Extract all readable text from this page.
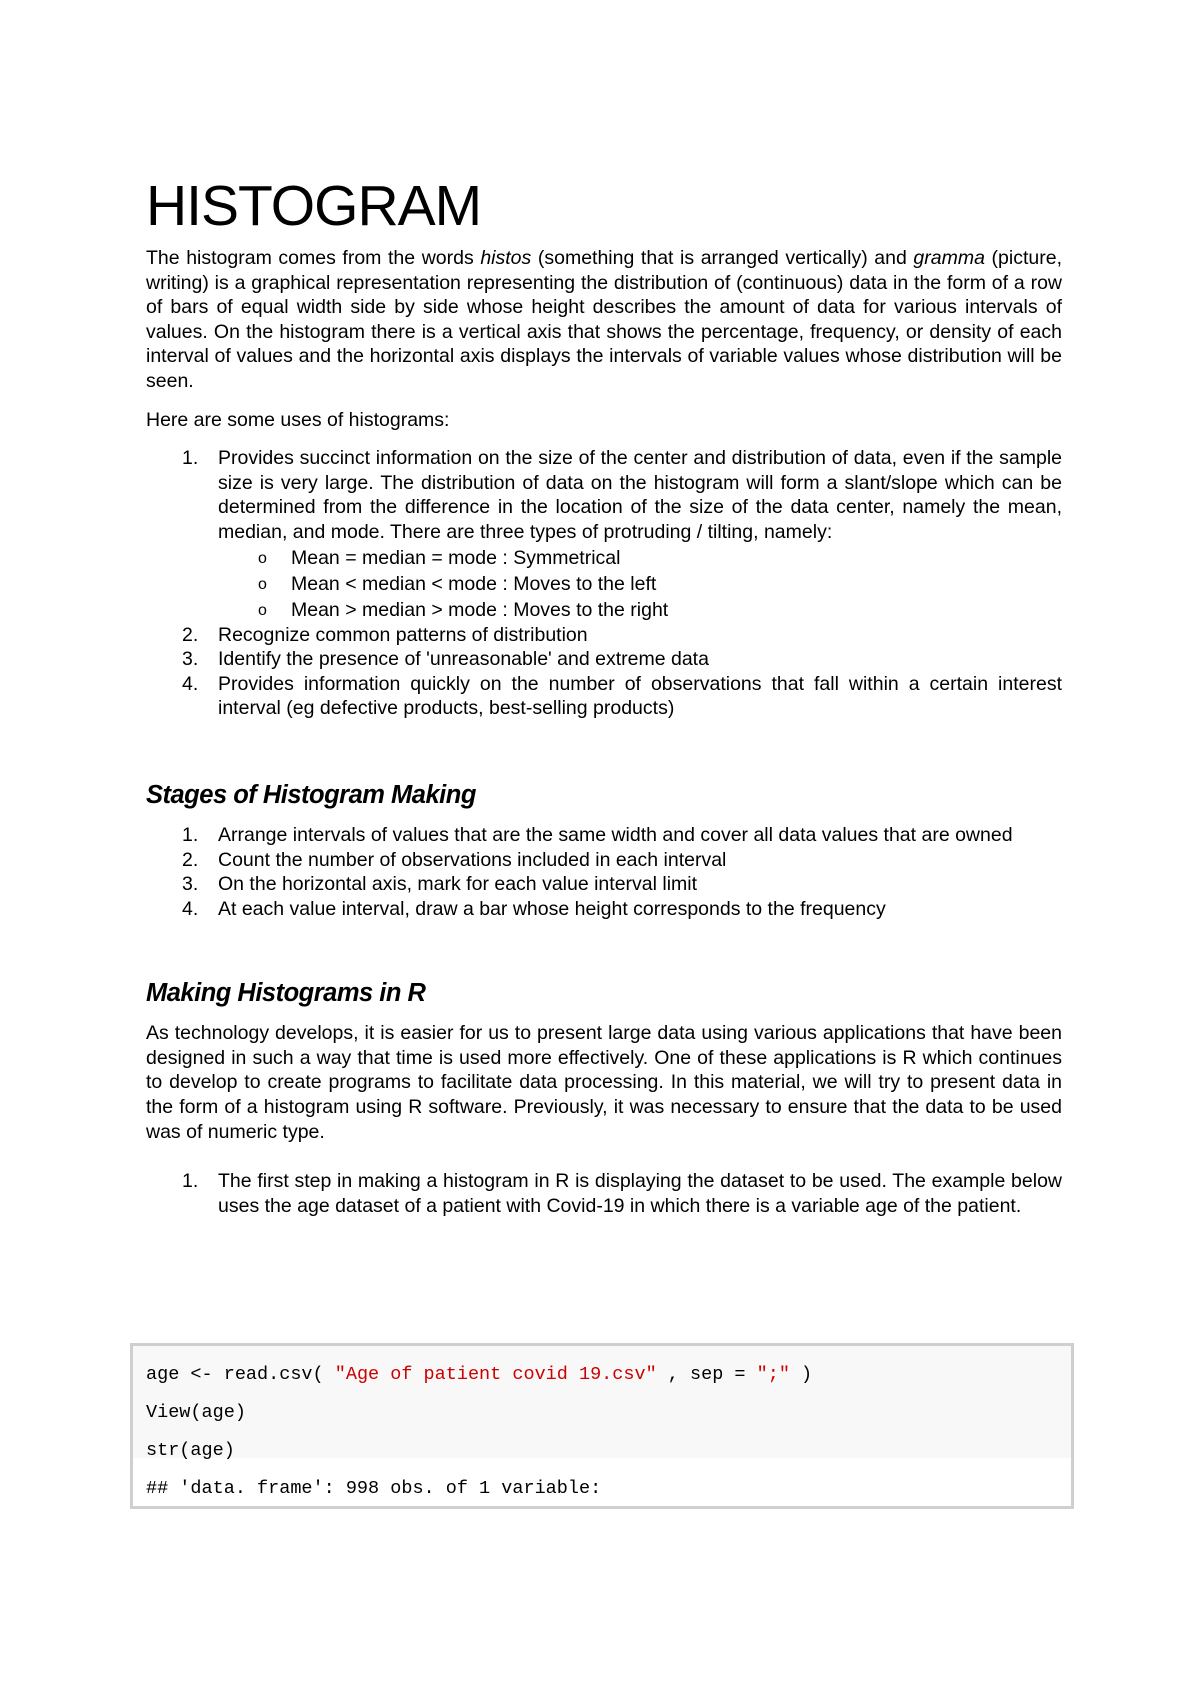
HISTOGRAM

The histogram comes from the words histos (something that is arranged vertically) and gramma (picture, writing) is a graphical representation representing the distribution of (continuous) data in the form of a row of bars of equal width side by side whose height describes the amount of data for various intervals of values. On the histogram there is a vertical axis that shows the percentage, frequency, or density of each interval of values and the horizontal axis displays the intervals of variable values whose distribution will be seen.

Here are some uses of histograms:

1. Provides succinct information on the size of the center and distribution of data, even if the sample size is very large. The distribution of data on the histogram will form a slant/slope which can be determined from the difference in the location of the size of the data center, namely the mean, median, and mode. There are three types of protruding / tilting, namely:
o Mean = median = mode : Symmetrical
o Mean < median < mode : Moves to the left
o Mean > median > mode : Moves to the right
2. Recognize common patterns of distribution
3. Identify the presence of 'unreasonable' and extreme data
4. Provides information quickly on the number of observations that fall within a certain interest interval (eg defective products, best-selling products)
Stages of Histogram Making
1. Arrange intervals of values that are the same width and cover all data values that are owned
2. Count the number of observations included in each interval
3. On the horizontal axis, mark for each value interval limit
4. At each value interval, draw a bar whose height corresponds to the frequency
Making Histograms in R

As technology develops, it is easier for us to present large data using various applications that have been designed in such a way that time is used more effectively. One of these applications is R which continues to develop to create programs to facilitate data processing. In this material, we will try to present data in the form of a histogram using R software. Previously, it was necessary to ensure that the data to be used was of numeric type.

1. The first step in making a histogram in R is displaying the dataset to be used. The example below uses the age dataset of a patient with Covid-19 in which there is a variable age of the patient.
age <- read.csv( "Age of patient covid 19.csv" , sep = ";" )
View(age)
str(age)
## 'data. frame': 998 obs. of 1 variable:
